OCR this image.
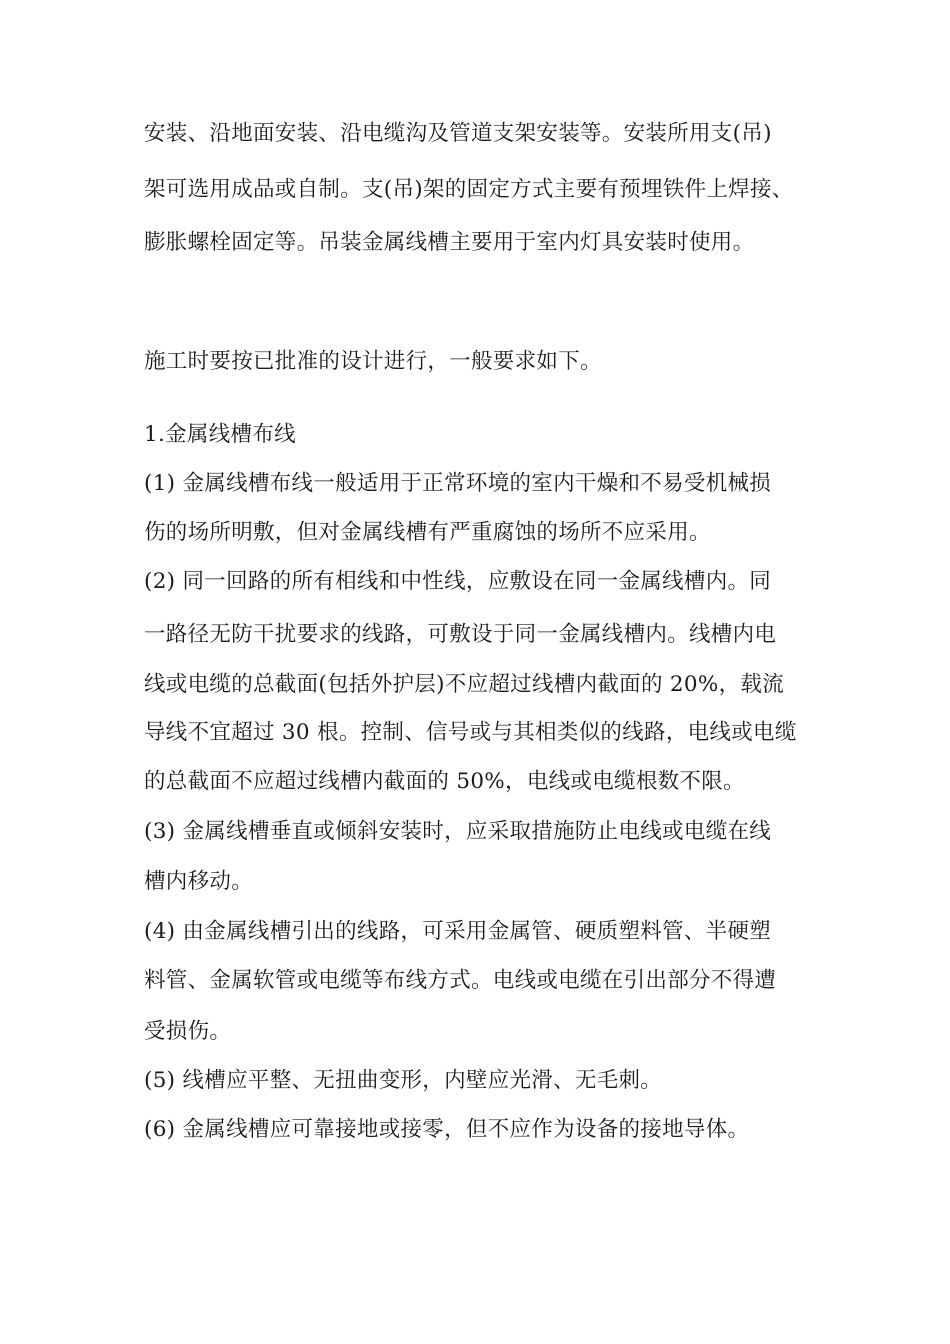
安装、沿地面安装、沿电缆沟及管道支架安装等。安装所用支(吊)
架可选用成品或自制。支(吊)架的固定方式主要有预埋铁件上焊接、
膨胀螺栓固定等。吊装金属线槽主要用于室内灯具安装时使用。
施工时要按已批准的设计进行，一般要求如下。
1.金属线槽布线
(1) 金属线槽布线一般适用于正常环境的室内干燥和不易受机械损
伤的场所明敷，但对金属线槽有严重腐蚀的场所不应采用。
(2) 同一回路的所有相线和中性线，应敷设在同一金属线槽内。同
一路径无防干扰要求的线路，可敷设于同一金属线槽内。线槽内电
线或电缆的总截面(包括外护层)不应超过线槽内截面的 20%，载流
导线不宜超过 30 根。控制、信号或与其相类似的线路，电线或电缆
的总截面不应超过线槽内截面的 50%，电线或电缆根数不限。
(3) 金属线槽垂直或倾斜安装时，应采取措施防止电线或电缆在线
槽内移动。
(4) 由金属线槽引出的线路，可采用金属管、硬质塑料管、半硬塑
料管、金属软管或电缆等布线方式。电线或电缆在引出部分不得遭
受损伤。
(5) 线槽应平整、无扭曲变形，内壁应光滑、无毛刺。
(6) 金属线槽应可靠接地或接零，但不应作为设备的接地导体。
